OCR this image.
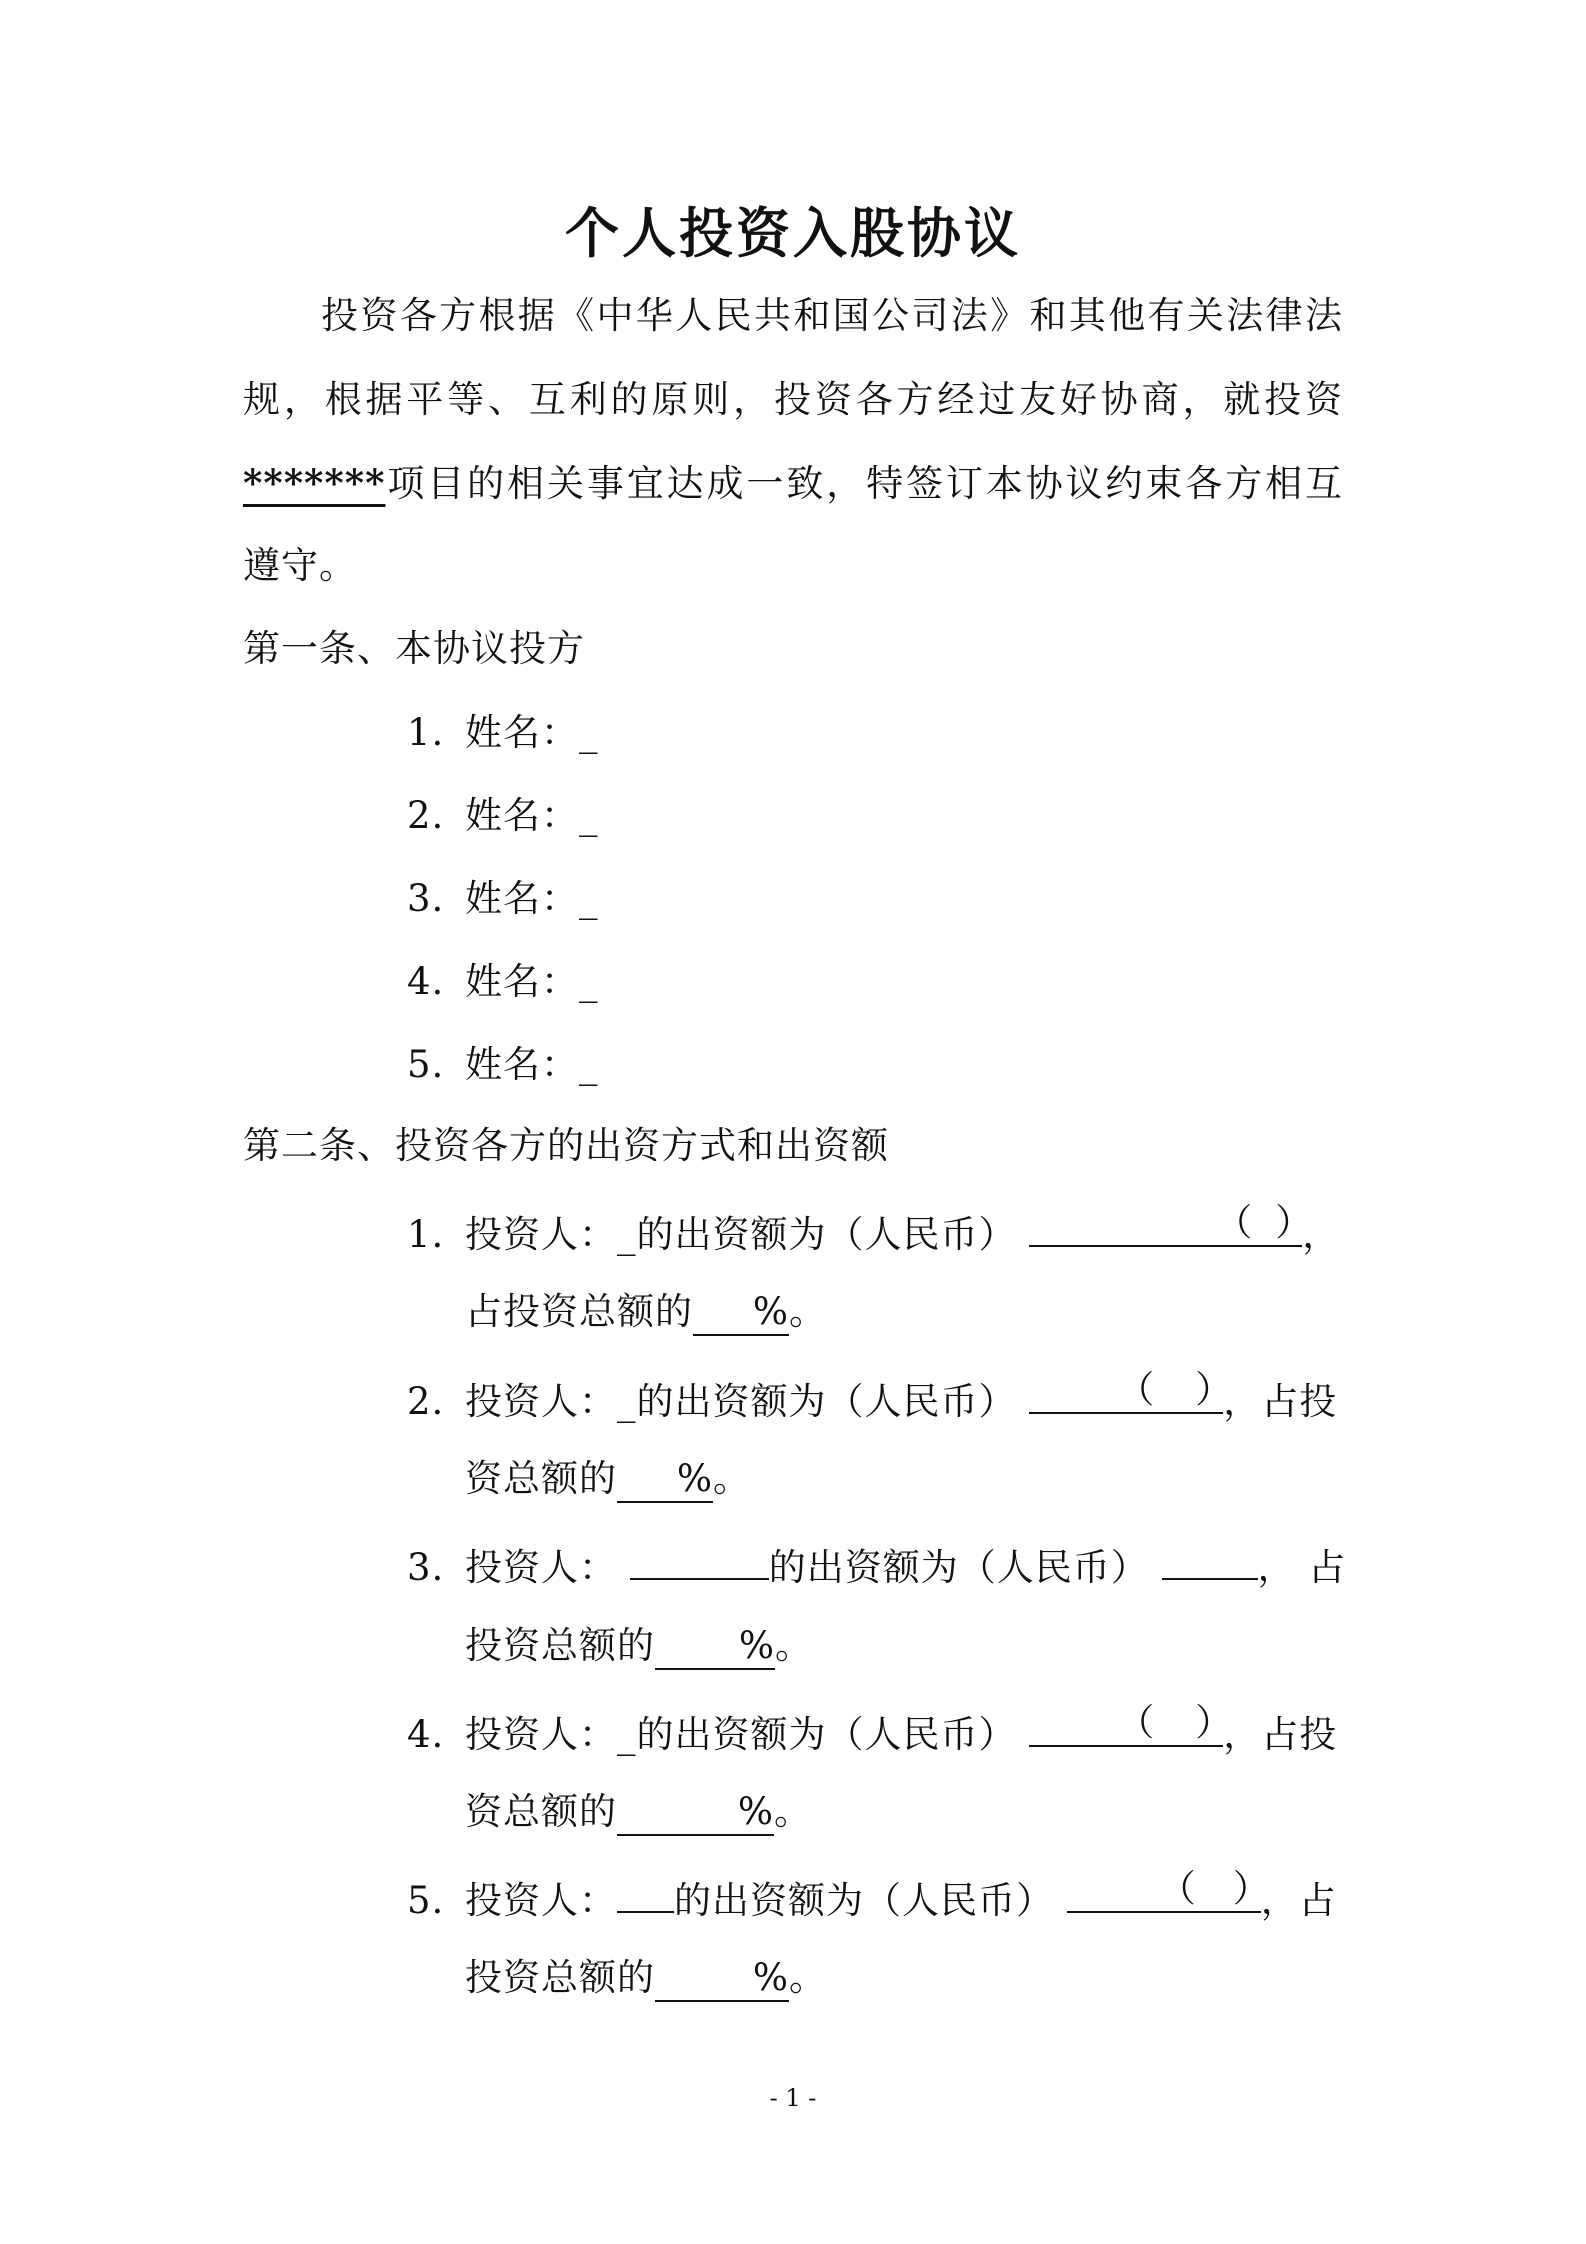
个人投资入股协议
投资各方根据《中华人民共和国公司法》和其他有关法律法
规，根据平等、互利的原则，投资各方经过友好协商，就投资
*******项目的相关事宜达成一致，特签订本协议约束各方相互
遵守。
第一条、本协议投方
1. 姓名：_
2. 姓名：_
3. 姓名：_
4. 姓名：_
5. 姓名：_
第二条、投资各方的出资方式和出资额
1. 投资人：_的出资额为（人民币）	（ ）
，
占投资总额的 %。
2. 投资人：_的出资额为（人民币）	（ ）
，占投
资总额的 %。
3. 投资人：	的出资额为（人民币）	， 占
投资总额的 %。
4. 投资人：_的出资额为（人民币）	（ ）
，占投
资总额的	%。
5. 投资人： 的出资额为（人民币）	（ ）
，占
投资总额的	%。
- 1 -
